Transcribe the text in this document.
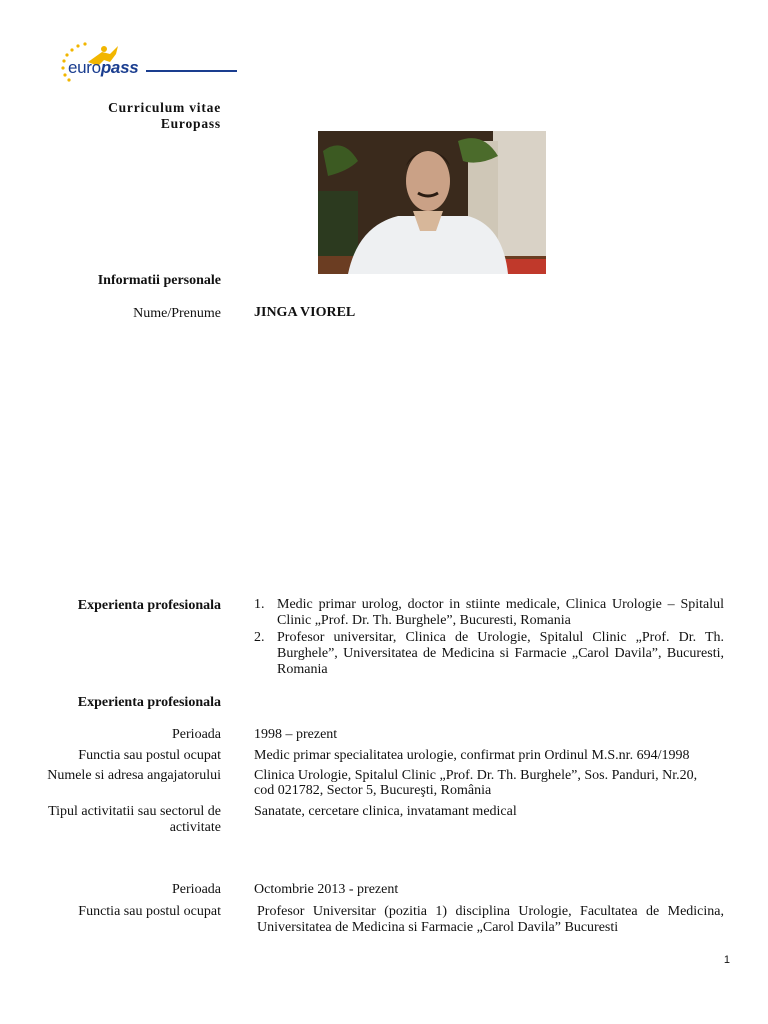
europass
Curriculum vitae
Europass
Informatii personale
Nume/Prenume JINGA VIOREL
Experienta profesionala 1. Medic primar urolog, doctor in stiinte medicale, Clinica Urologie – Spitalul Clinic „Prof. Dr. Th. Burghele”, Bucuresti, Romania
2. Profesor universitar, Clinica de Urologie, Spitalul Clinic „Prof. Dr. Th. Burghele”, Universitatea de Medicina si Farmacie „Carol Davila”, Bucuresti, Romania
Experienta profesionala
Perioada 1998 – prezent
Functia sau postul ocupat Medic primar specialitatea urologie, confirmat prin Ordinul M.S.nr. 694/1998
Numele si adresa angajatorului Clinica Urologie, Spitalul Clinic „Prof. Dr. Th. Burghele”, Sos. Panduri, Nr.20,
cod 021782, Sector 5, Bucureşti, România
Tipul activitatii sau sectorul de
activitate
Sanatate, cercetare clinica, invatamant medical
Perioada Octombrie 2013 - prezent
Functia sau postul ocupat	Profesor Universitar (pozitia 1) disciplina Urologie, Facultatea de Medicina, Universitatea de Medicina si Farmacie „Carol Davila” Bucuresti
1
